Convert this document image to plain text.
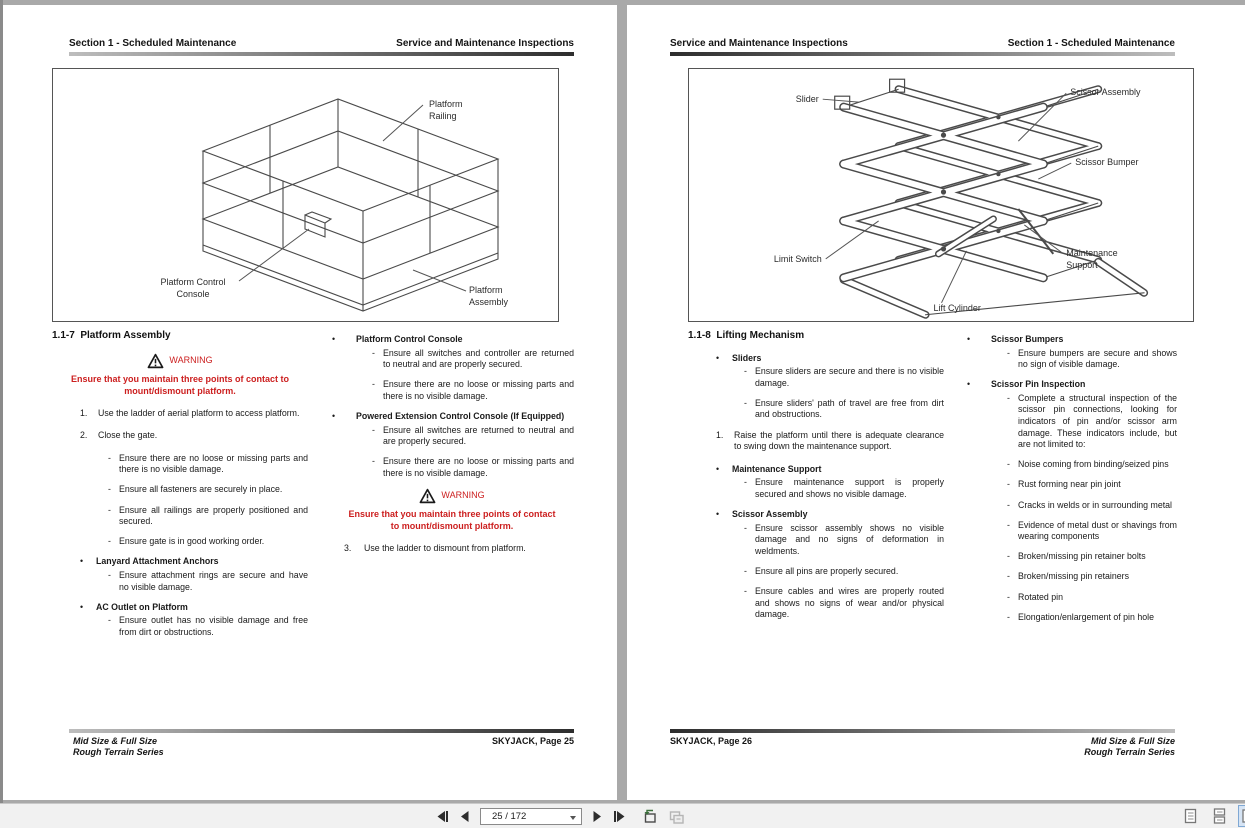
Section 1 - Scheduled Maintenance	Service and Maintenance Inspections
Platform
Railing
Platform Control
Console	Platform
Assembly
1.1-7  Platform Assembly
WARNING
Ensure that you maintain three points of contact to mount/dismount platform.
1. Use the ladder of aerial platform to access platform.
2. Close the gate.
- Ensure there are no loose or missing parts and there is no visible damage.
- Ensure all fasteners are securely in place.
- Ensure all railings are properly positioned and secured.
- Ensure gate is in good working order.
• Lanyard Attachment Anchors
- Ensure attachment rings are secure and have no visible damage.
• AC Outlet on Platform
- Ensure outlet has no visible damage and free from dirt or obstructions.
• Platform Control Console
- Ensure all switches and controller are returned to neutral and are properly secured.
- Ensure there are no loose or missing parts and there is no visible damage.
• Powered Extension Control Console (If Equipped)
- Ensure all switches are returned to neutral and are properly secured.
- Ensure there are no loose or missing parts and there is no visible damage.
WARNING
Ensure that you maintain three points of contact to mount/dismount platform.
3. Use the ladder to dismount from platform.
Mid Size & Full Size
Rough Terrain Series
SKYJACK, Page 25
Service and Maintenance Inspections	Section 1 - Scheduled Maintenance
Slider
Scissor Assembly
Scissor Bumper
Limit Switch
Maintenance
Support
Lift Cylinder
1.1-8  Lifting Mechanism
• Sliders
- Ensure sliders are secure and there is no visible damage.
- Ensure sliders' path of travel are free from dirt and obstructions.
1. Raise the platform until there is adequate clearance to swing down the maintenance support.
• Maintenance Support
- Ensure maintenance support is properly secured and shows no visible damage.
• Scissor Assembly
- Ensure scissor assembly shows no visible damage and no signs of deformation in weldments.
- Ensure all pins are properly secured.
- Ensure cables and wires are properly routed and shows no signs of wear and/or physical damage.
• Scissor Bumpers
- Ensure bumpers are secure and shows no sign of visible damage.
• Scissor Pin Inspection
- Complete a structural inspection of the scissor pin connections, looking for indicators of pin and/or scissor arm damage. These indicators include, but are not limited to:
- Noise coming from binding/seized pins
- Rust forming near pin joint
- Cracks in welds or in surrounding metal
- Evidence of metal dust or shavings from wearing components
- Broken/missing pin retainer bolts
- Broken/missing pin retainers
- Rotated pin
- Elongation/enlargement of pin hole
SKYJACK, Page 26	Mid Size & Full Size
Rough Terrain Series
25 / 172
